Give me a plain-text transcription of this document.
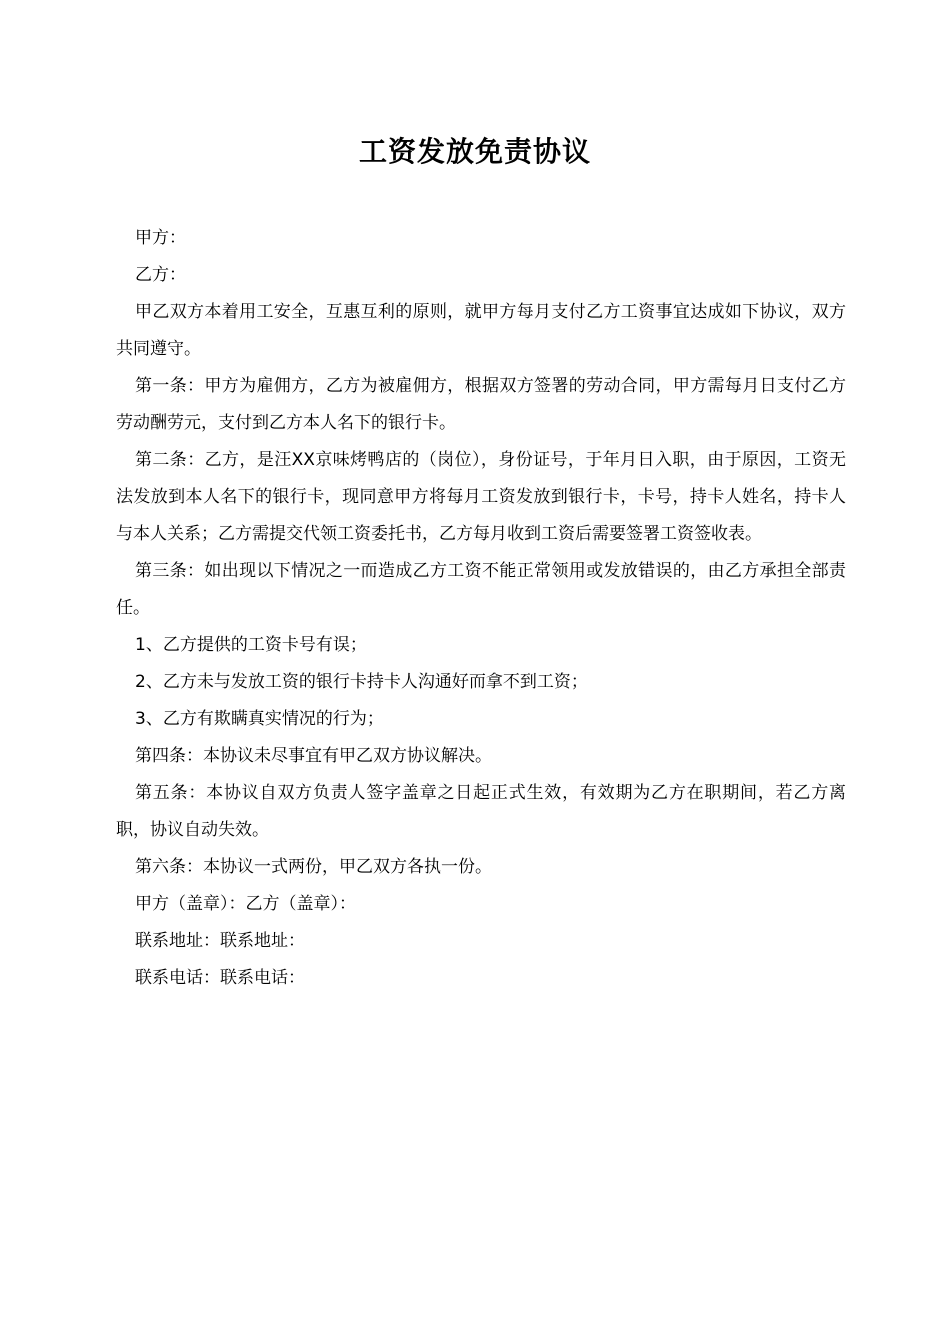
工资发放免责协议

甲方：

乙方：

甲乙双方本着用工安全，互惠互利的原则，就甲方每月支付乙方工资事宜达成如下协议，双方共同遵守。

第一条：甲方为雇佣方，乙方为被雇佣方，根据双方签署的劳动合同，甲方需每月日支付乙方劳动酬劳元，支付到乙方本人名下的银行卡。

第二条：乙方，是汪XX京味烤鸭店的（岗位），身份证号，于年月日入职，由于原因，工资无法发放到本人名下的银行卡，现同意甲方将每月工资发放到银行卡，卡号，持卡人姓名，持卡人与本人关系；乙方需提交代领工资委托书，乙方每月收到工资后需要签署工资签收表。

第三条：如出现以下情况之一而造成乙方工资不能正常领用或发放错误的，由乙方承担全部责任。

1、乙方提供的工资卡号有误；

2、乙方未与发放工资的银行卡持卡人沟通好而拿不到工资；

3、乙方有欺瞒真实情况的行为；

第四条：本协议未尽事宜有甲乙双方协议解决。

第五条：本协议自双方负责人签字盖章之日起正式生效，有效期为乙方在职期间，若乙方离职，协议自动失效。

第六条：本协议一式两份，甲乙双方各执一份。

甲方（盖章）：乙方（盖章）：

联系地址：联系地址：

联系电话：联系电话：
